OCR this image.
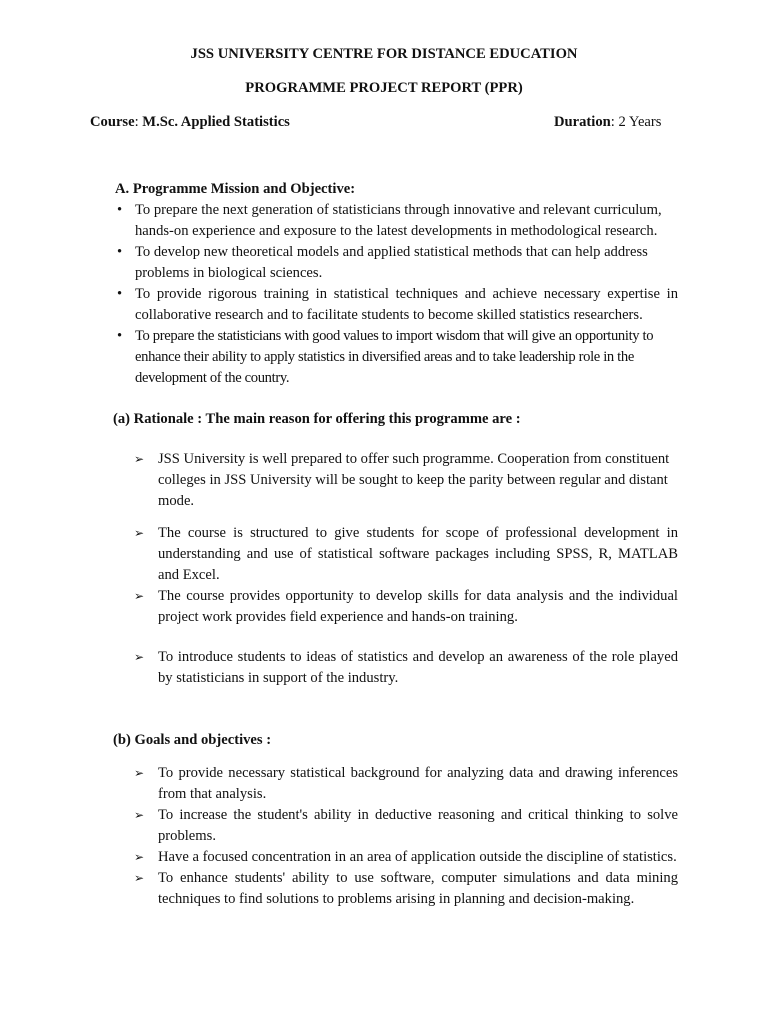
JSS UNIVERSITY CENTRE FOR DISTANCE EDUCATION
PROGRAMME PROJECT REPORT (PPR)
Course: M.Sc. Applied Statistics	Duration: 2 Years
A. Programme Mission and Objective:
• To prepare the next generation of statisticians through innovative and relevant curriculum, hands-on experience and exposure to the latest developments in methodological research.
• To develop new theoretical models and applied statistical methods that can help address problems in biological sciences.
• To provide rigorous training in statistical techniques and achieve necessary expertise in collaborative research and to facilitate students to become skilled statistics researchers.
• To prepare the statisticians with good values to import wisdom that will give an opportunity to enhance their ability to apply statistics in diversified areas and to take leadership role in the development of the country.
(a) Rationale : The main reason for offering this programme are :
➢ JSS University is well prepared to offer such programme. Cooperation from constituent colleges in JSS University will be sought to keep the parity between regular and distant mode.
➢ The course is structured to give students for scope of professional development in understanding and use of statistical software packages including SPSS, R, MATLAB and Excel.
➢ The course provides opportunity to develop skills for data analysis and the individual project work provides field experience and hands-on training.
➢ To introduce students to ideas of statistics and develop an awareness of the role played by statisticians in support of the industry.
(b) Goals and objectives :
➢ To provide necessary statistical background for analyzing data and drawing inferences from that analysis.
➢ To increase the student's ability in deductive reasoning and critical thinking to solve problems.
➢ Have a focused concentration in an area of application outside the discipline of statistics.
➢ To enhance students' ability to use software, computer simulations and data mining techniques to find solutions to problems arising in planning and decision-making.
